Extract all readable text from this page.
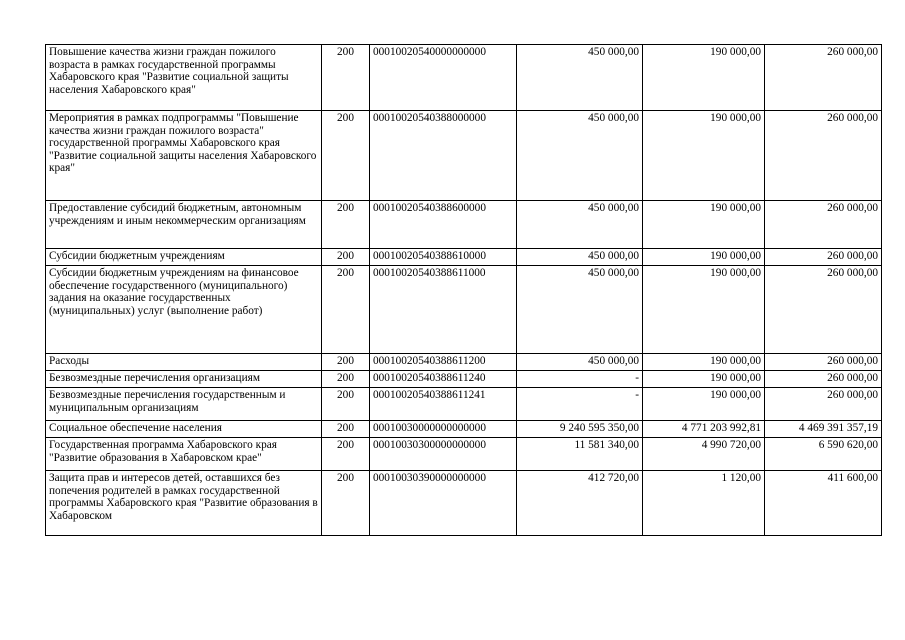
Повышение качества жизни граждан пожилого возраста в рамках государственной программы Хабаровского края "Развитие социальной защиты населения Хабаровского края"	200	00010020540000000000	450 000,00	190 000,00	260 000,00
Мероприятия в рамках подпрограммы "Повышение качества жизни граждан пожилого возраста" государственной программы Хабаровского края "Развитие социальной защиты населения Хабаровского края"	200	00010020540388000000	450 000,00	190 000,00	260 000,00
Предоставление субсидий бюджетным, автономным учреждениям и иным некоммерческим организациям	200	00010020540388600000	450 000,00	190 000,00	260 000,00
Субсидии бюджетным учреждениям	200	00010020540388610000	450 000,00	190 000,00	260 000,00
Субсидии бюджетным учреждениям на финансовое обеспечение государственного (муниципального) задания на оказание государственных (муниципальных) услуг (выполнение работ)	200	00010020540388611000	450 000,00	190 000,00	260 000,00
Расходы	200	00010020540388611200	450 000,00	190 000,00	260 000,00
Безвозмездные перечисления организациям	200	00010020540388611240	-	190 000,00	260 000,00
Безвозмездные перечисления государственным и муниципальным организациям	200	00010020540388611241	-	190 000,00	260 000,00
Социальное обеспечение населения	200	00010030000000000000	9 240 595 350,00	4 771 203 992,81	4 469 391 357,19
Государственная программа Хабаровского края "Развитие образования в Хабаровском крае"	200	00010030300000000000	11 581 340,00	4 990 720,00	6 590 620,00
Защита прав и интересов детей, оставшихся без попечения родителей в рамках государственной программы Хабаровского края "Развитие образования в Хабаровском	200	00010030390000000000	412 720,00	1 120,00	411 600,00
